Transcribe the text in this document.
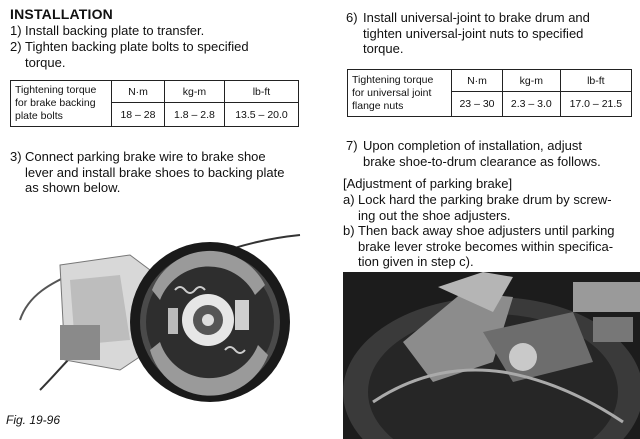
INSTALLATION
1) Install backing plate to transfer.
2) Tighten backing plate bolts to specified
torque.
Tightening torque
for brake backing
plate bolts	N·m	kg-m	lb-ft
	18 – 28	1.8 – 2.8	13.5 – 20.0
3) Connect parking brake wire to brake shoe
lever and install brake shoes to backing plate
as shown below.
Fig. 19-96
6) Install universal-joint to brake drum and
tighten universal-joint nuts to specified
torque.
Tightening torque
for universal joint
flange nuts	N·m	kg-m	lb-ft
	23 – 30	2.3 – 3.0	17.0 – 21.5
7) Upon completion of installation, adjust
brake shoe-to-drum clearance as follows.
[Adjustment of parking brake]
a) Lock hard the parking brake drum by screw-
ing out the shoe adjusters.
b) Then back away shoe adjusters until parking
brake lever stroke becomes within specifica-
tion given in step c).
